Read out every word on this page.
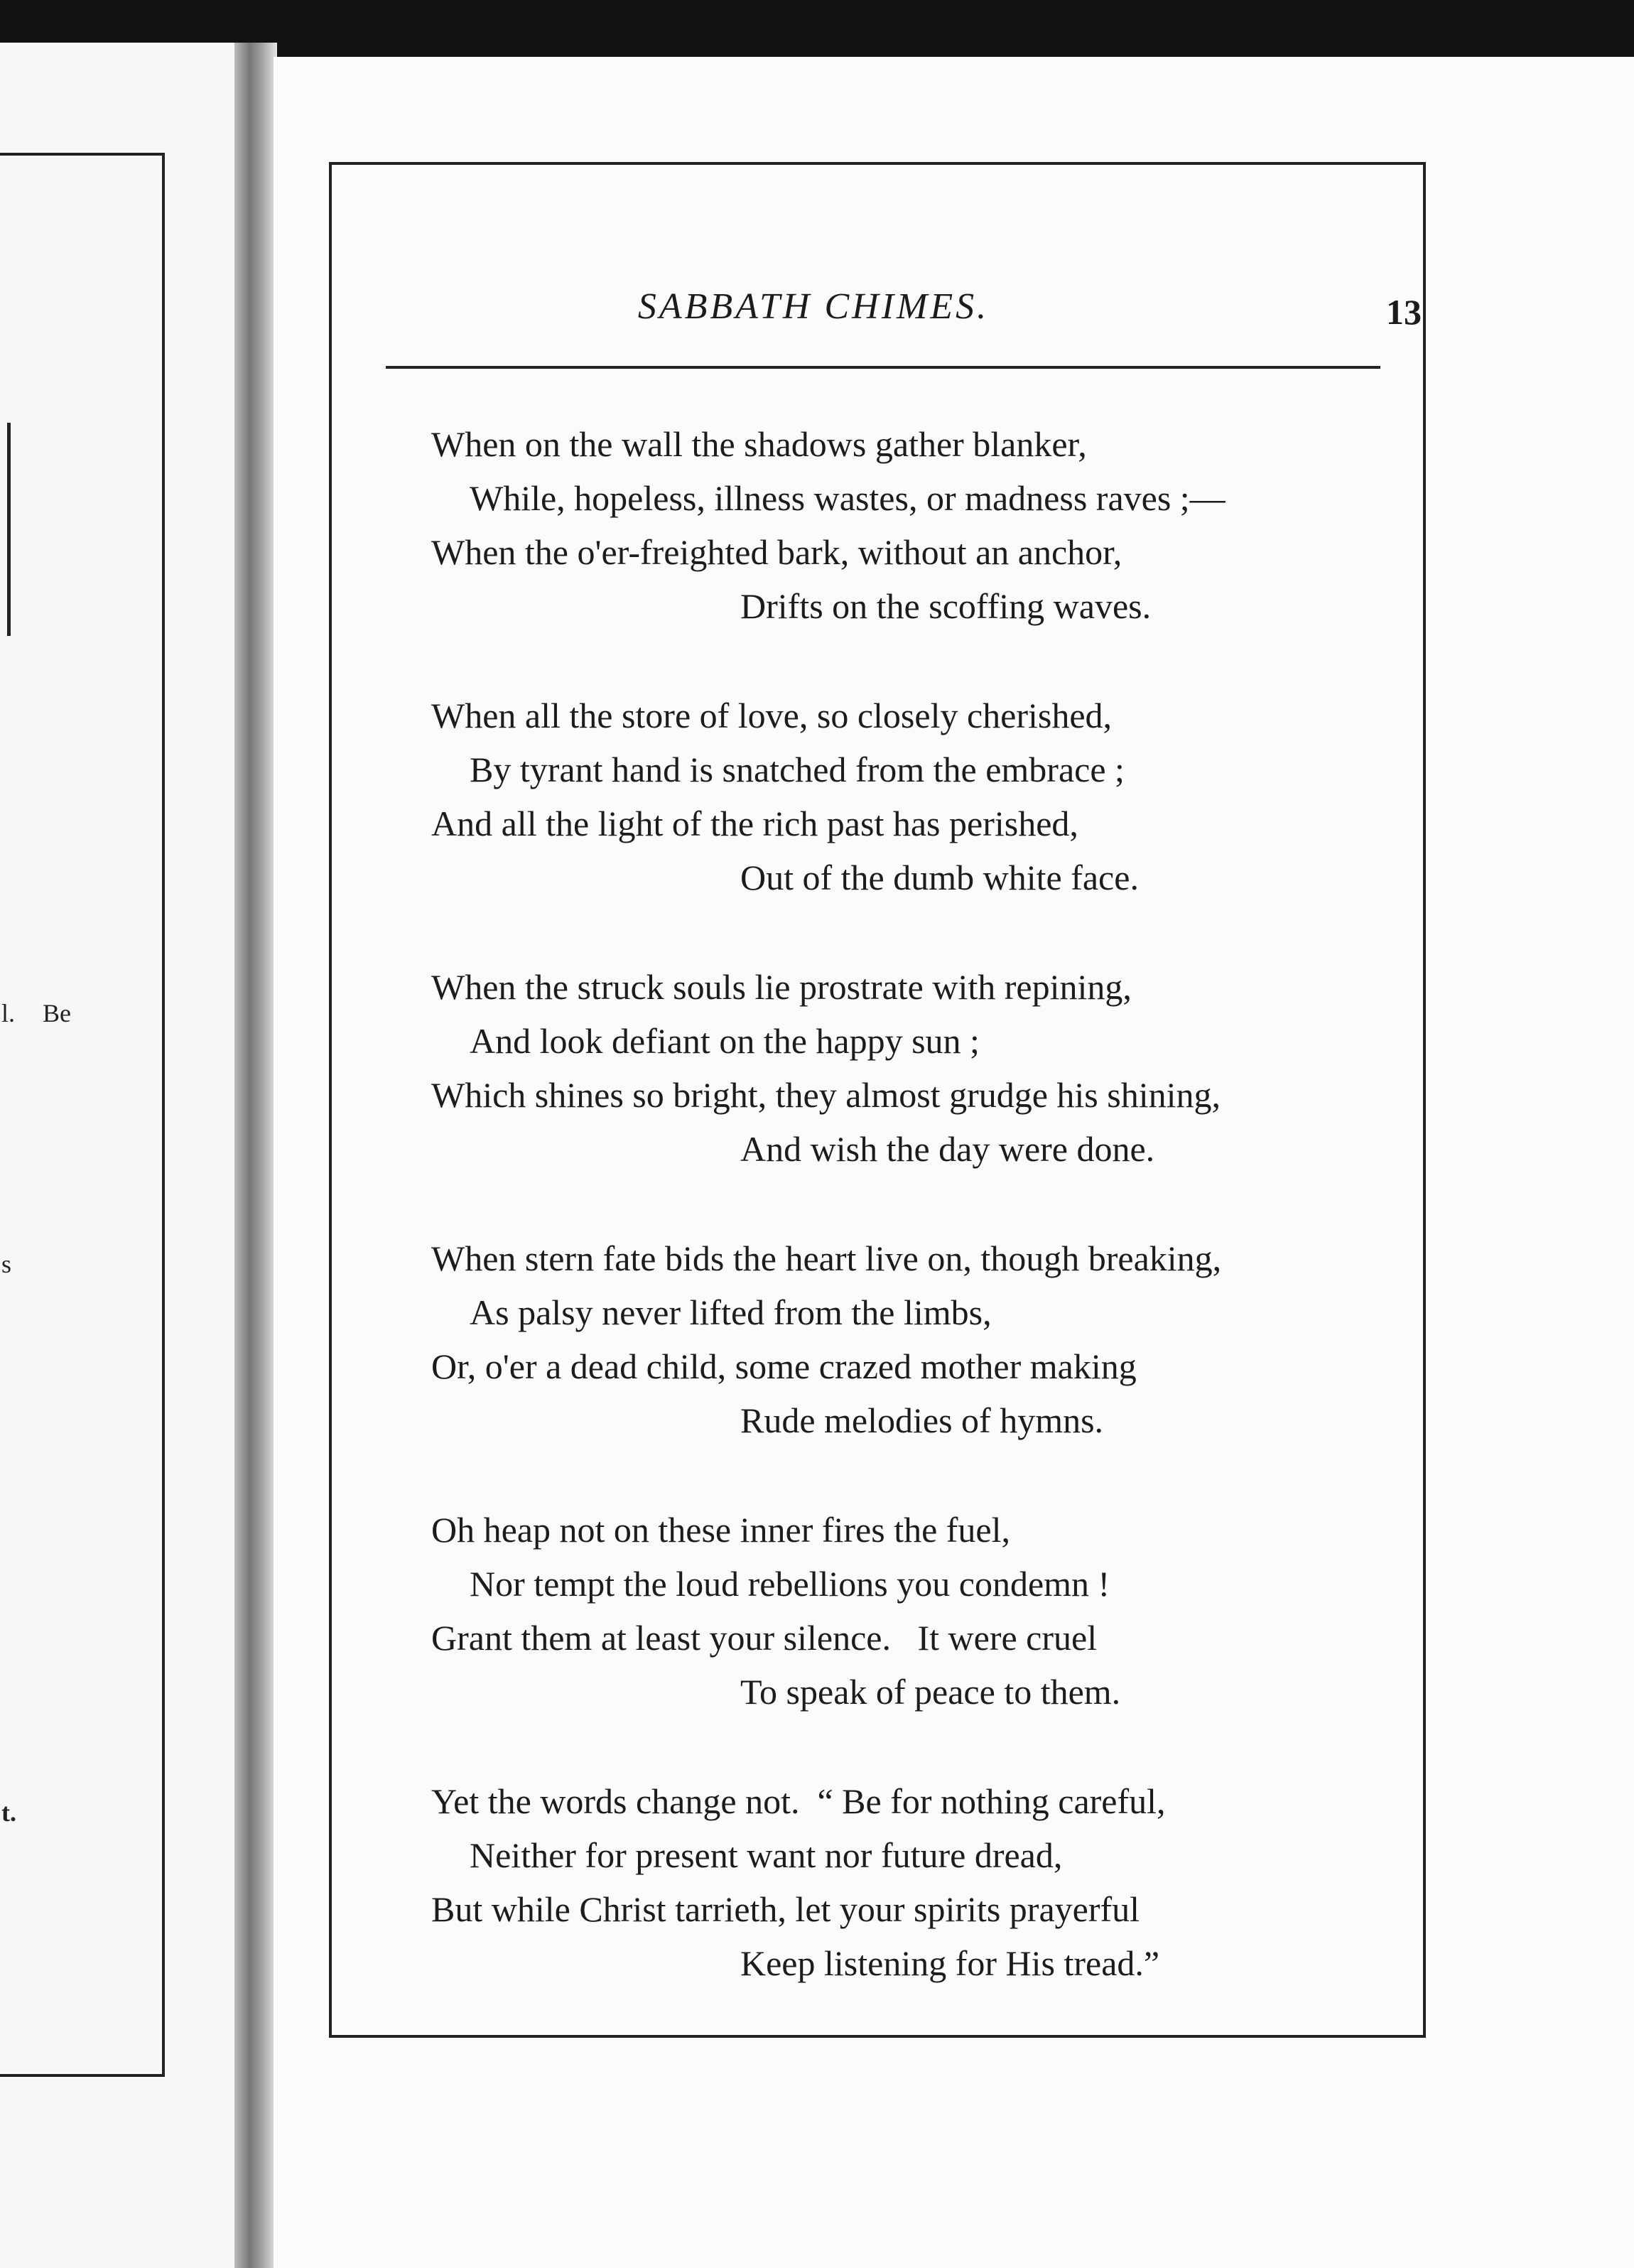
l. Be
s
t.
SABBATH CHIMES.	13
When on the wall the shadows gather blanker,
While, hopeless, illness wastes, or madness raves ;—
When the o'er-freighted bark, without an anchor,
Drifts on the scoffing waves.
When all the store of love, so closely cherished,
By tyrant hand is snatched from the embrace ;
And all the light of the rich past has perished,
Out of the dumb white face.
When the struck souls lie prostrate with repining,
And look defiant on the happy sun ;
Which shines so bright, they almost grudge his shining,
And wish the day were done.
When stern fate bids the heart live on, though breaking,
As palsy never lifted from the limbs,
Or, o'er a dead child, some crazed mother making
Rude melodies of hymns.
Oh heap not on these inner fires the fuel,
Nor tempt the loud rebellions you condemn !
Grant them at least your silence.   It were cruel
To speak of peace to them.
Yet the words change not.  “ Be for nothing careful,
Neither for present want nor future dread,
But while Christ tarrieth, let your spirits prayerful
Keep listening for His tread.”
